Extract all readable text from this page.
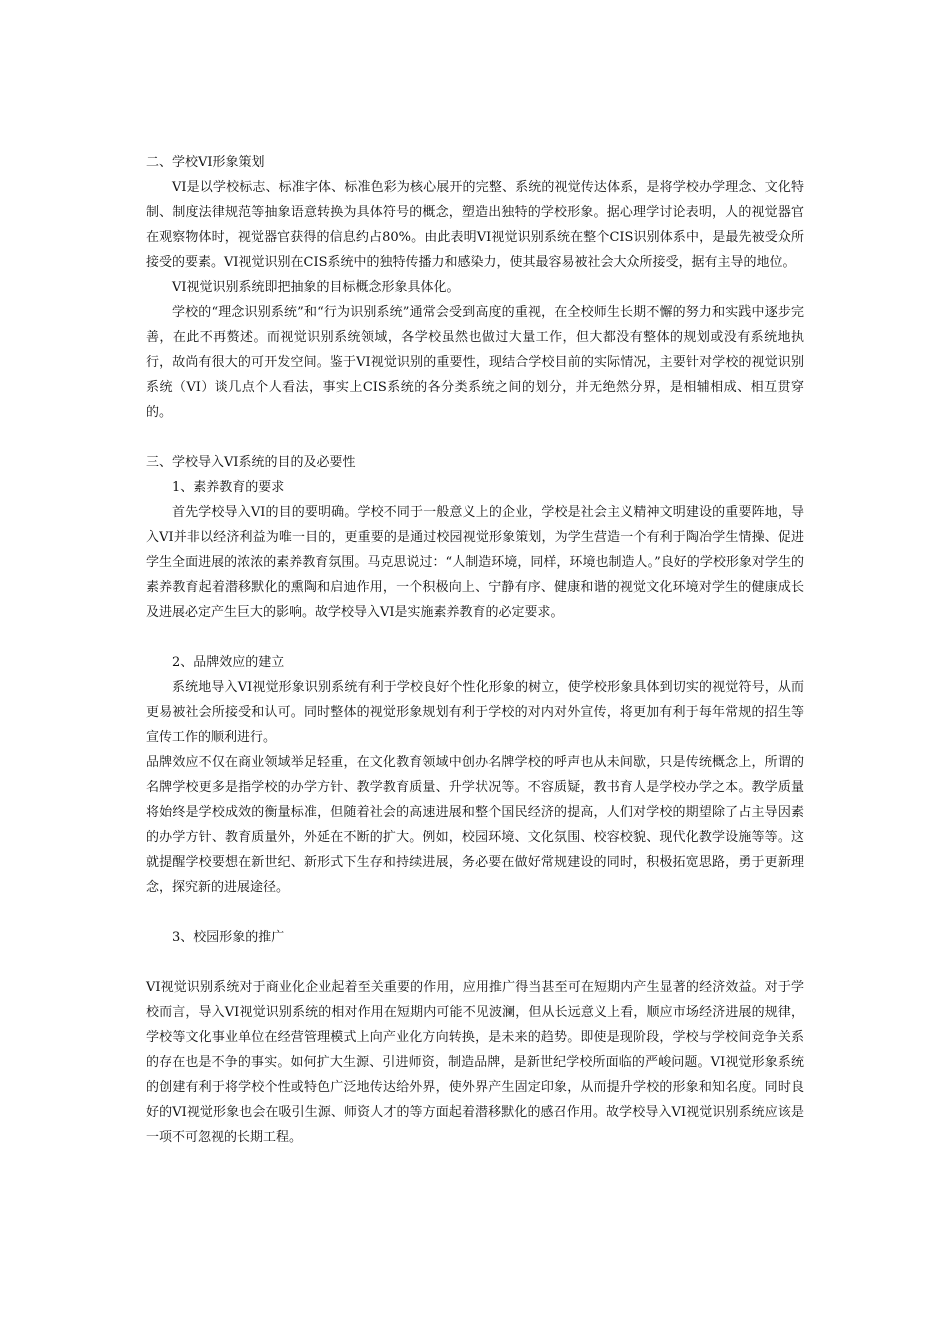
二、学校VI形象策划

VI是以学校标志、标准字体、标准色彩为核心展开的完整、系统的视觉传达体系，是将学校办学理念、文化特制、制度法律规范等抽象语意转换为具体符号的概念，塑造出独特的学校形象。据心理学讨论表明，人的视觉器官在观察物体时，视觉器官获得的信息约占80%。由此表明VI视觉识别系统在整个CIS识别体系中，是最先被受众所接受的要素。VI视觉识别在CIS系统中的独特传播力和感染力，使其最容易被社会大众所接受，据有主导的地位。

VI视觉识别系统即把抽象的目标概念形象具体化。

学校的“理念识别系统”和“行为识别系统”通常会受到高度的重视，在全校师生长期不懈的努力和实践中逐步完善，在此不再赘述。而视觉识别系统领域，各学校虽然也做过大量工作，但大都没有整体的规划或没有系统地执行，故尚有很大的可开发空间。鉴于VI视觉识别的重要性，现结合学校目前的实际情况，主要针对学校的视觉识别系统（VI）谈几点个人看法，事实上CIS系统的各分类系统之间的划分，并无绝然分界，是相辅相成、相互贯穿的。

三、学校导入VI系统的目的及必要性

1、素养教育的要求

首先学校导入VI的目的要明确。学校不同于一般意义上的企业，学校是社会主义精神文明建设的重要阵地，导入VI并非以经济利益为唯一目的，更重要的是通过校园视觉形象策划，为学生营造一个有利于陶冶学生情操、促进学生全面进展的浓浓的素养教育氛围。马克思说过：“人制造环境，同样，环境也制造人。”良好的学校形象对学生的素养教育起着潜移默化的熏陶和启迪作用，一个积极向上、宁静有序、健康和谐的视觉文化环境对学生的健康成长及进展必定产生巨大的影响。故学校导入VI是实施素养教育的必定要求。

2、品牌效应的建立

系统地导入VI视觉形象识别系统有利于学校良好个性化形象的树立，使学校形象具体到切实的视觉符号，从而更易被社会所接受和认可。同时整体的视觉形象规划有利于学校的对内对外宣传，将更加有利于每年常规的招生等宣传工作的顺利进行。

品牌效应不仅在商业领域举足轻重，在文化教育领域中创办名牌学校的呼声也从未间歇，只是传统概念上，所谓的名牌学校更多是指学校的办学方针、教学教育质量、升学状况等。不容质疑，教书育人是学校办学之本。教学质量将始终是学校成效的衡量标准，但随着社会的高速进展和整个国民经济的提高，人们对学校的期望除了占主导因素的办学方针、教育质量外，外延在不断的扩大。例如，校园环境、文化氛围、校容校貌、现代化教学设施等等。这就提醒学校要想在新世纪、新形式下生存和持续进展，务必要在做好常规建设的同时，积极拓宽思路，勇于更新理念，探究新的进展途径。

3、校园形象的推广

VI视觉识别系统对于商业化企业起着至关重要的作用，应用推广得当甚至可在短期内产生显著的经济效益。对于学校而言，导入VI视觉识别系统的相对作用在短期内可能不见波澜，但从长远意义上看，顺应市场经济进展的规律，学校等文化事业单位在经营管理模式上向产业化方向转换，是未来的趋势。即使是现阶段，学校与学校间竞争关系的存在也是不争的事实。如何扩大生源、引进师资，制造品牌，是新世纪学校所面临的严峻问题。VI视觉形象系统的创建有利于将学校个性或特色广泛地传达给外界，使外界产生固定印象，从而提升学校的形象和知名度。同时良好的VI视觉形象也会在吸引生源、师资人才的等方面起着潜移默化的感召作用。故学校导入VI视觉识别系统应该是一项不可忽视的长期工程。
